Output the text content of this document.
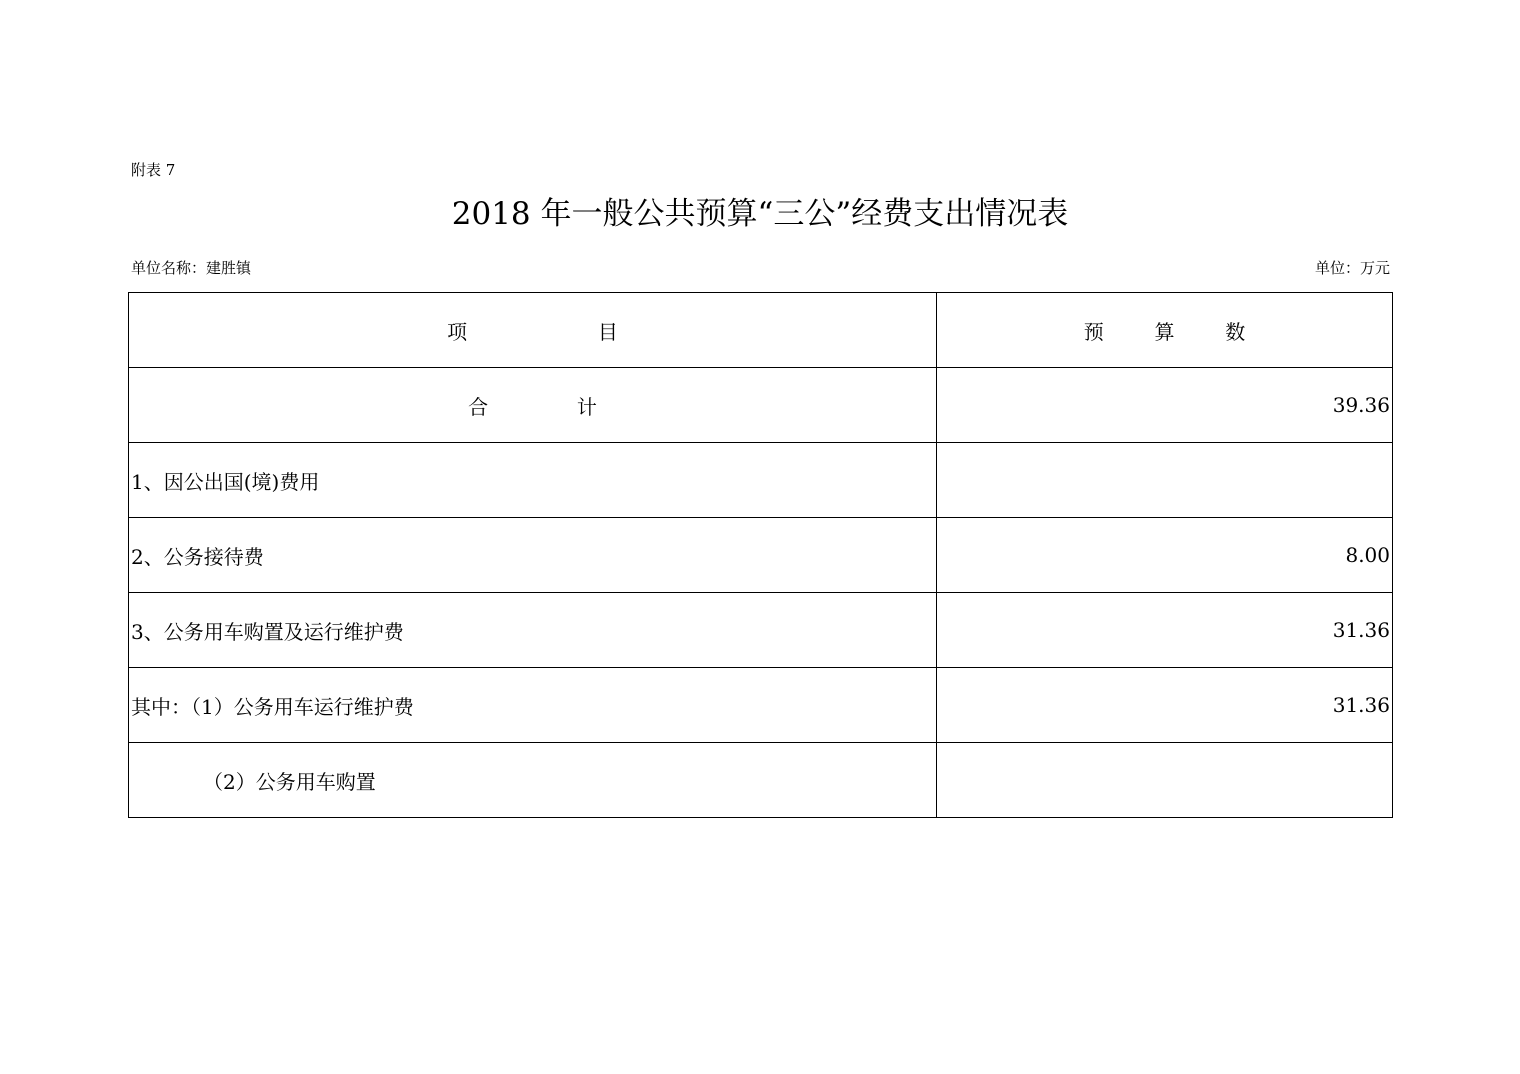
附表 7
2018 年一般公共预算“三公”经费支出情况表
单位名称：建胜镇	单位：万元
项 目	预 算 数
合 计	39.36
1、因公出国(境)费用	
2、公务接待费	8.00
3、公务用车购置及运行维护费	31.36
其中：（1）公务用车运行维护费	31.36
（2）公务用车购置	
